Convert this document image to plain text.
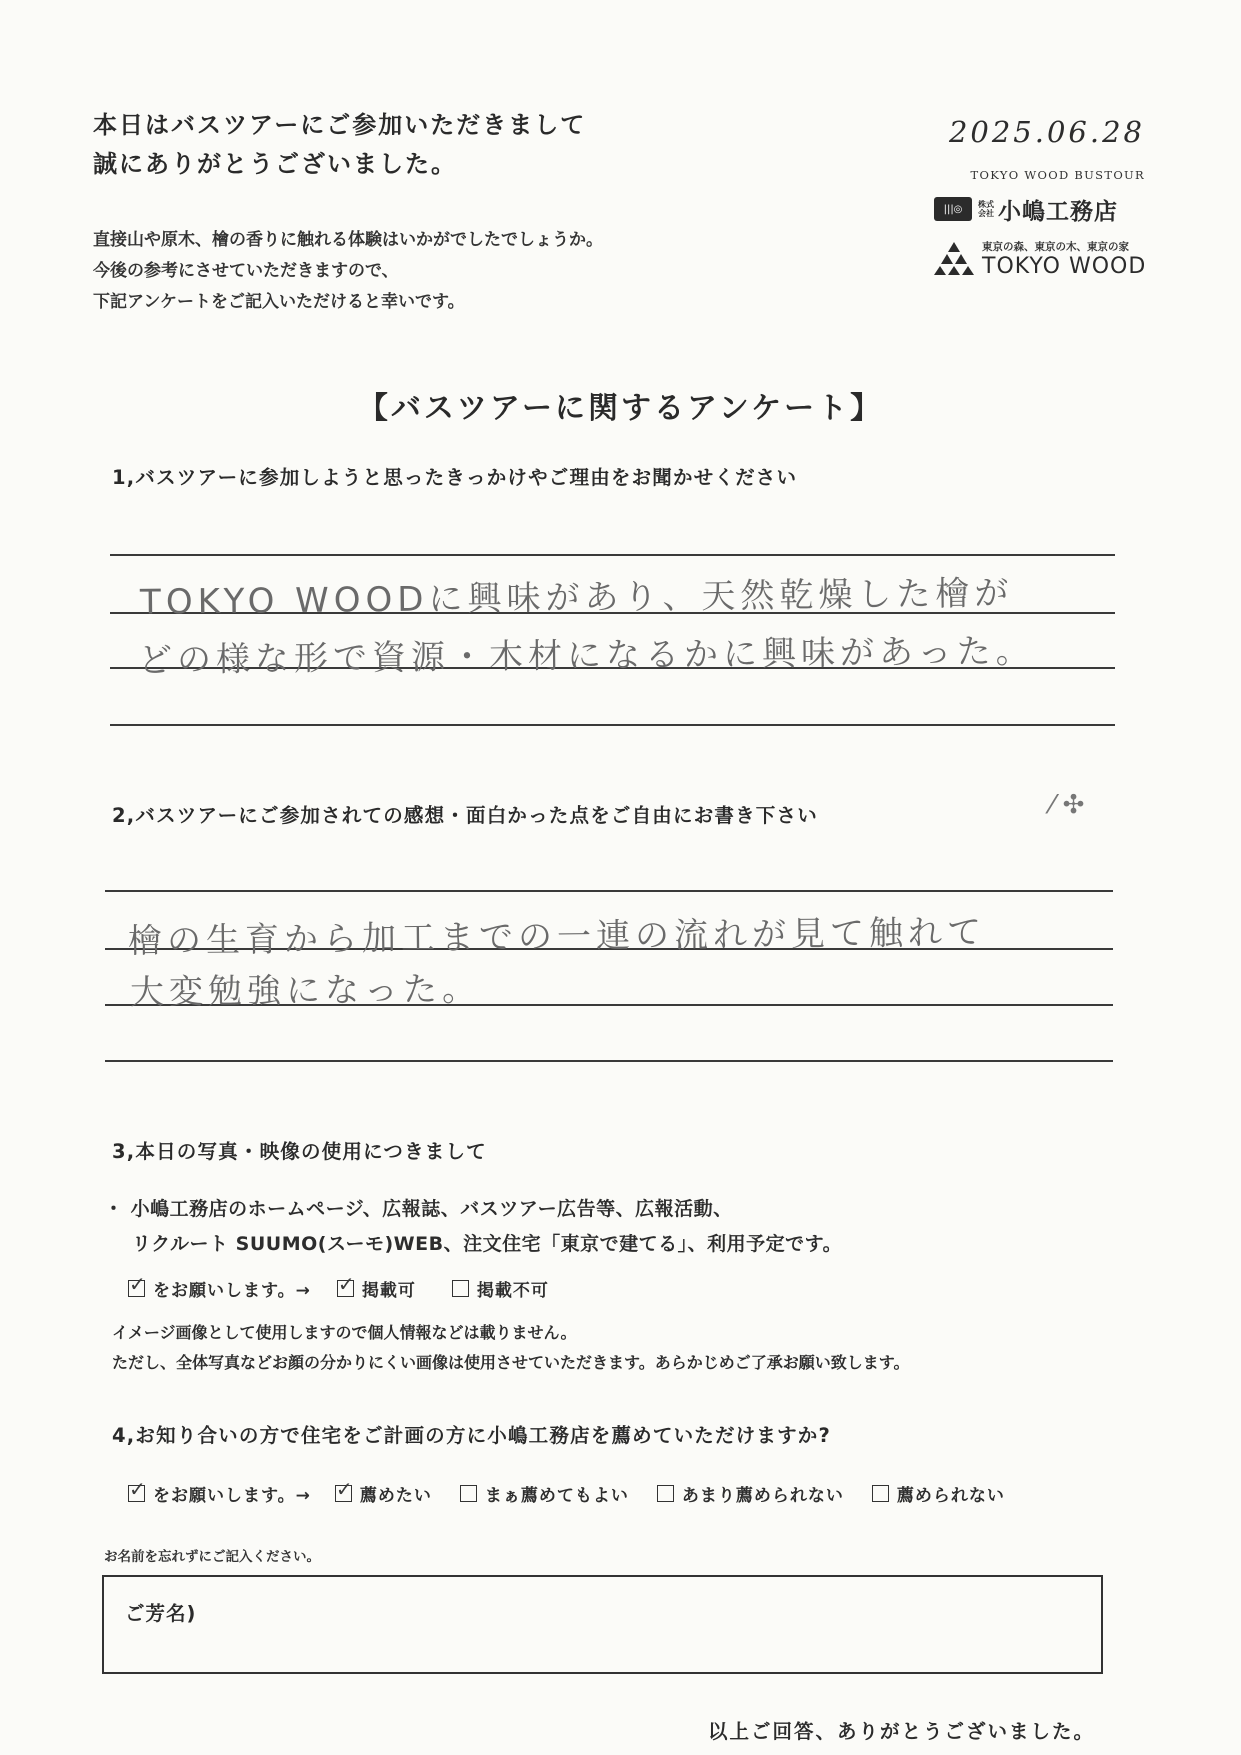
本日はバスツアーにご参加いただきまして
誠にありがとうございました。
直接山や原木、檜の香りに触れる体験はいかがでしたでしょうか。
今後の参考にさせていただきますので、
下記アンケートをご記入いただけると幸いです。
2025.06.28
TOKYO WOOD BUSTOUR
|||◎	株式
会社 小嶋工務店
東京の森、東京の木、東京の家
TOKYO WOOD
【バスツアーに関するアンケート】
1,バスツアーに参加しようと思ったきっかけやご理由をお聞かせください
TOKYO WOODに興味があり、天然乾燥した檜が
どの様な形で資源・木材になるかに興味があった。
2,バスツアーにご参加されての感想・面白かった点をご自由にお書き下さい	⁄ ✣
檜の生育から加工までの一連の流れが見て触れて
大変勉強になった。
3,本日の写真・映像の使用につきまして
・ 小嶋工務店のホームページ、広報誌、バスツアー広告等、広報活動、
リクルート SUUMO(スーモ)WEB、注文住宅「東京で建てる」、利用予定です。
✓ をお願いします。→ ✓ 掲載可	掲載不可
イメージ画像として使用しますので個人情報などは載りません。
ただし、全体写真などお顔の分かりにくい画像は使用させていただきます。あらかじめご了承お願い致します。
4,お知り合いの方で住宅をご計画の方に小嶋工務店を薦めていただけますか?
✓ をお願いします。→ ✓ 薦めたい	まぁ薦めてもよい	あまり薦められない	薦められない
お名前を忘れずにご記入ください。
ご芳名)
以上ご回答、ありがとうございました。
